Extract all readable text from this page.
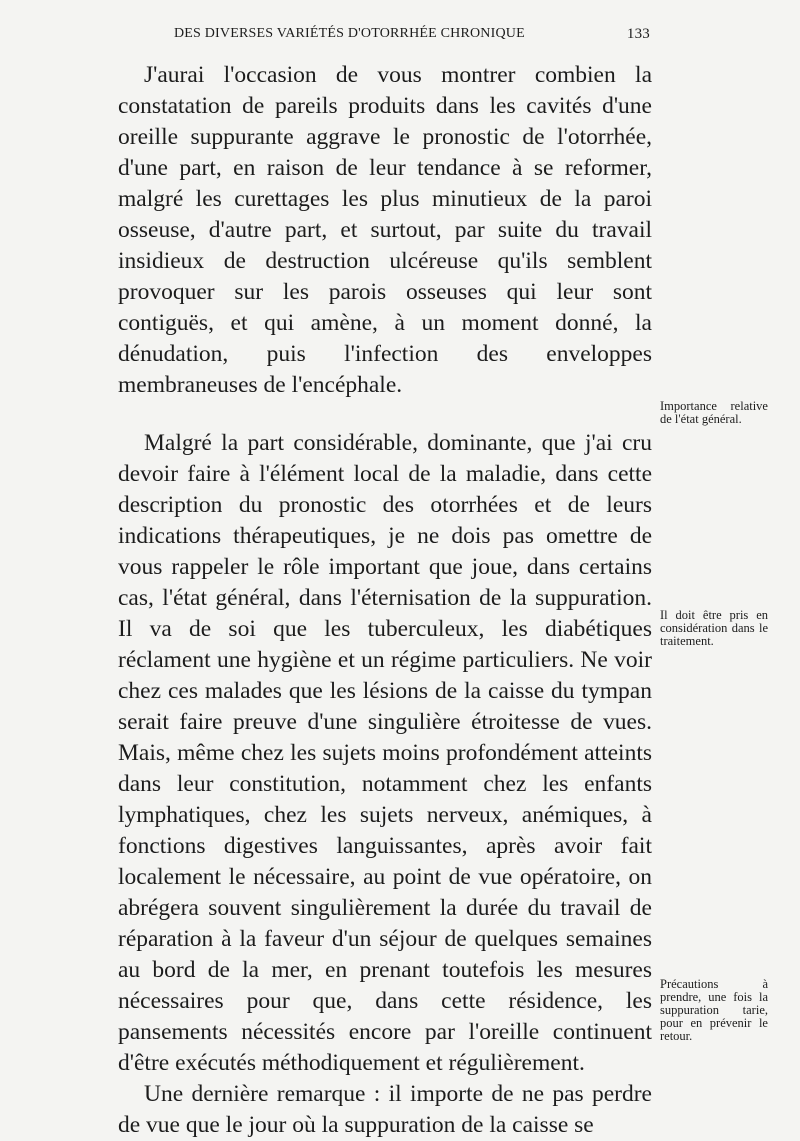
DES DIVERSES VARIÉTÉS D'OTORRHÉE CHRONIQUE	133

J'aurai l'occasion de vous montrer combien la constatation de pareils produits dans les cavités d'une oreille suppurante aggrave le pronostic de l'otorrhée, d'une part, en raison de leur tendance à se reformer, malgré les curettages les plus minutieux de la paroi osseuse, d'autre part, et surtout, par suite du travail insidieux de destruction ulcéreuse qu'ils semblent provoquer sur les parois osseuses qui leur sont contiguës, et qui amène, à un moment donné, la dénudation, puis l'infection des enveloppes membraneuses de l'encéphale.

Malgré la part considérable, dominante, que j'ai cru devoir faire à l'élément local de la maladie, dans cette description du pronostic des otorrhées et de leurs indications thérapeutiques, je ne dois pas omettre de vous rappeler le rôle important que joue, dans certains cas, l'état général, dans l'éternisation de la suppuration. Il va de soi que les tuberculeux, les diabétiques réclament une hygiène et un régime particuliers. Ne voir chez ces malades que les lésions de la caisse du tympan serait faire preuve d'une singulière étroitesse de vues. Mais, même chez les sujets moins profondément atteints dans leur constitution, notamment chez les enfants lymphatiques, chez les sujets nerveux, anémiques, à fonctions digestives languissantes, après avoir fait localement le nécessaire, au point de vue opératoire, on abrégera souvent singulièrement la durée du travail de réparation à la faveur d'un séjour de quelques semaines au bord de la mer, en prenant toutefois les mesures nécessaires pour que, dans cette résidence, les pansements nécessités encore par l'oreille continuent d'être exécutés méthodiquement et régulièrement.

Une dernière remarque : il importe de ne pas perdre de vue que le jour où la suppuration de la caisse se

Importance relative de l'état général.
Il doit être pris en considération dans le traitement.
Précautions à prendre, une fois la suppuration tarie, pour en prévenir le retour.
